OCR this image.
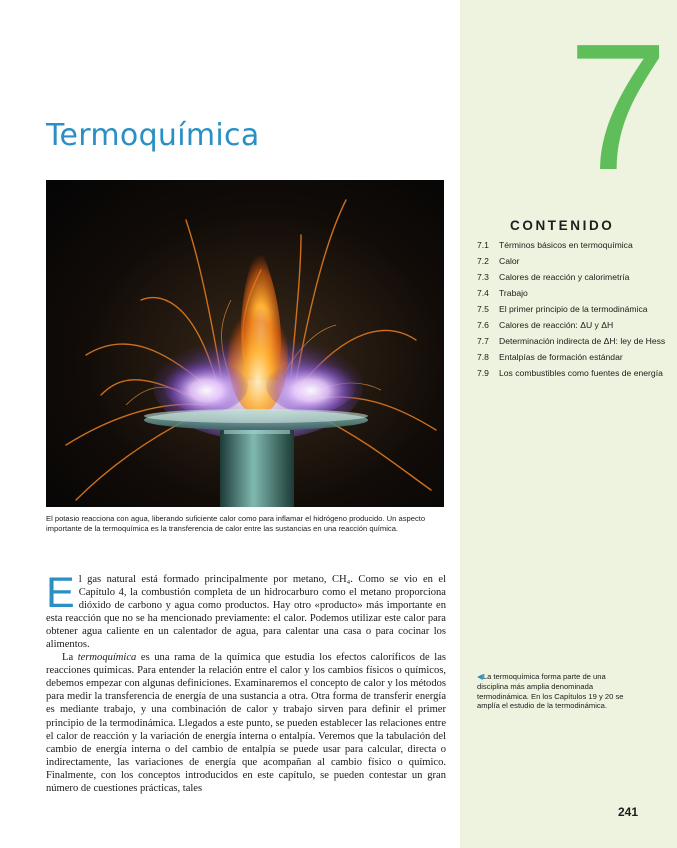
7
Termoquímica
El potasio reacciona con agua, liberando suficiente calor como para inflamar el hidrógeno producido. Un aspecto importante de la termoquímica es la transferencia de calor entre las sustancias en una reacción química.
CONTENIDO
7.1	Términos básicos en termoquímica
7.2	Calor
7.3	Calores de reacción y calorimetría
7.4	Trabajo
7.5	El primer principio de la termodinámica
7.6	Calores de reacción: ΔU y ΔH
7.7	Determinación indirecta de ΔH: ley de Hess
7.8	Entalpías de formación estándar
7.9	Los combustibles como fuentes de energía

El gas natural está formado principalmente por metano, CH₄. Como se vio en el Capítulo 4, la combustión completa de un hidrocarburo como el metano proporciona dióxido de carbono y agua como productos. Hay otro «producto» más importante en esta reacción que no se ha mencionado previamente: el calor. Podemos utilizar este calor para obtener agua caliente en un calentador de agua, para calentar una casa o para cocinar los alimentos.

La termoquímica es una rama de la química que estudia los efectos caloríficos de las reacciones químicas. Para entender la relación entre el calor y los cambios físicos o químicos, debemos empezar con algunas definiciones. Examinaremos el concepto de calor y los métodos para medir la transferencia de energía de una sustancia a otra. Otra forma de transferir energía es mediante trabajo, y una combinación de calor y trabajo sirven para definir el primer principio de la termodinámica. Llegados a este punto, se pueden establecer las relaciones entre el calor de reacción y la variación de energía interna o entalpía. Veremos que la tabulación del cambio de energía interna o del cambio de entalpía se puede usar para calcular, directa o indirectamente, las variaciones de energía que acompañan al cambio físico o químico. Finalmente, con los conceptos introducidos en este capítulo, se pueden contestar un gran número de cuestiones prácticas, tales

◀La termoquímica forma parte de una disciplina más amplia denominada termodinámica. En los Capítulos 19 y 20 se amplía el estudio de la termodinámica.
241
